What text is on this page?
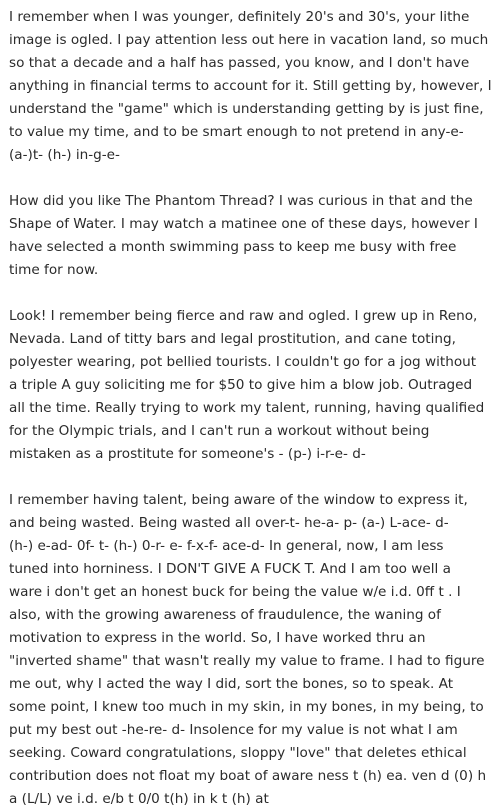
I remember when I was younger, definitely 20's and 30's, your lithe
image is ogled. I pay attention less out here in vacation land, so much
so that a decade and a half has passed, you know, and I don't have
anything in financial terms to account for it. Still getting by, however, I
understand the "game" which is understanding getting by is just fine,
to value my time, and to be smart enough to not pretend in any-e-
(a-)t- (h-) in-g-e-
How did you like The Phantom Thread? I was curious in that and the
Shape of Water. I may watch a matinee one of these days, however I
have selected a month swimming pass to keep me busy with free
time for now.
Look! I remember being fierce and raw and ogled. I grew up in Reno,
Nevada. Land of titty bars and legal prostitution, and cane toting,
polyester wearing, pot bellied tourists. I couldn't go for a jog without
a triple A guy soliciting me for $50 to give him a blow job. Outraged
all the time. Really trying to work my talent, running, having qualified
for the Olympic trials, and I can't run a workout without being
mistaken as a prostitute for someone's - (p-) i-r-e- d-
I remember having talent, being aware of the window to express it,
and being wasted. Being wasted all over-t- he-a- p- (a-) L-ace- d-
(h-) e-ad- 0f- t- (h-) 0-r- e- f-x-f- ace-d- In general, now, I am less
tuned into horniness. I DON'T GIVE A FUCK T. And I am too well a
ware i don't get an honest buck for being the value w/e i.d. 0ff t . I
also, with the growing awareness of fraudulence, the waning of
motivation to express in the world. So, I have worked thru an
"inverted shame" that wasn't really my value to frame. I had to figure
me out, why I acted the way I did, sort the bones, so to speak. At
some point, I knew too much in my skin, in my bones, in my being, to
put my best out -he-re- d- Insolence for my value is not what I am
seeking. Coward congratulations, sloppy "love" that deletes ethical
contribution does not float my boat of aware ness t (h) ea. ven d (0) h
a (L/L) ve i.d. e/b t 0/0 t(h) in k t (h) at
